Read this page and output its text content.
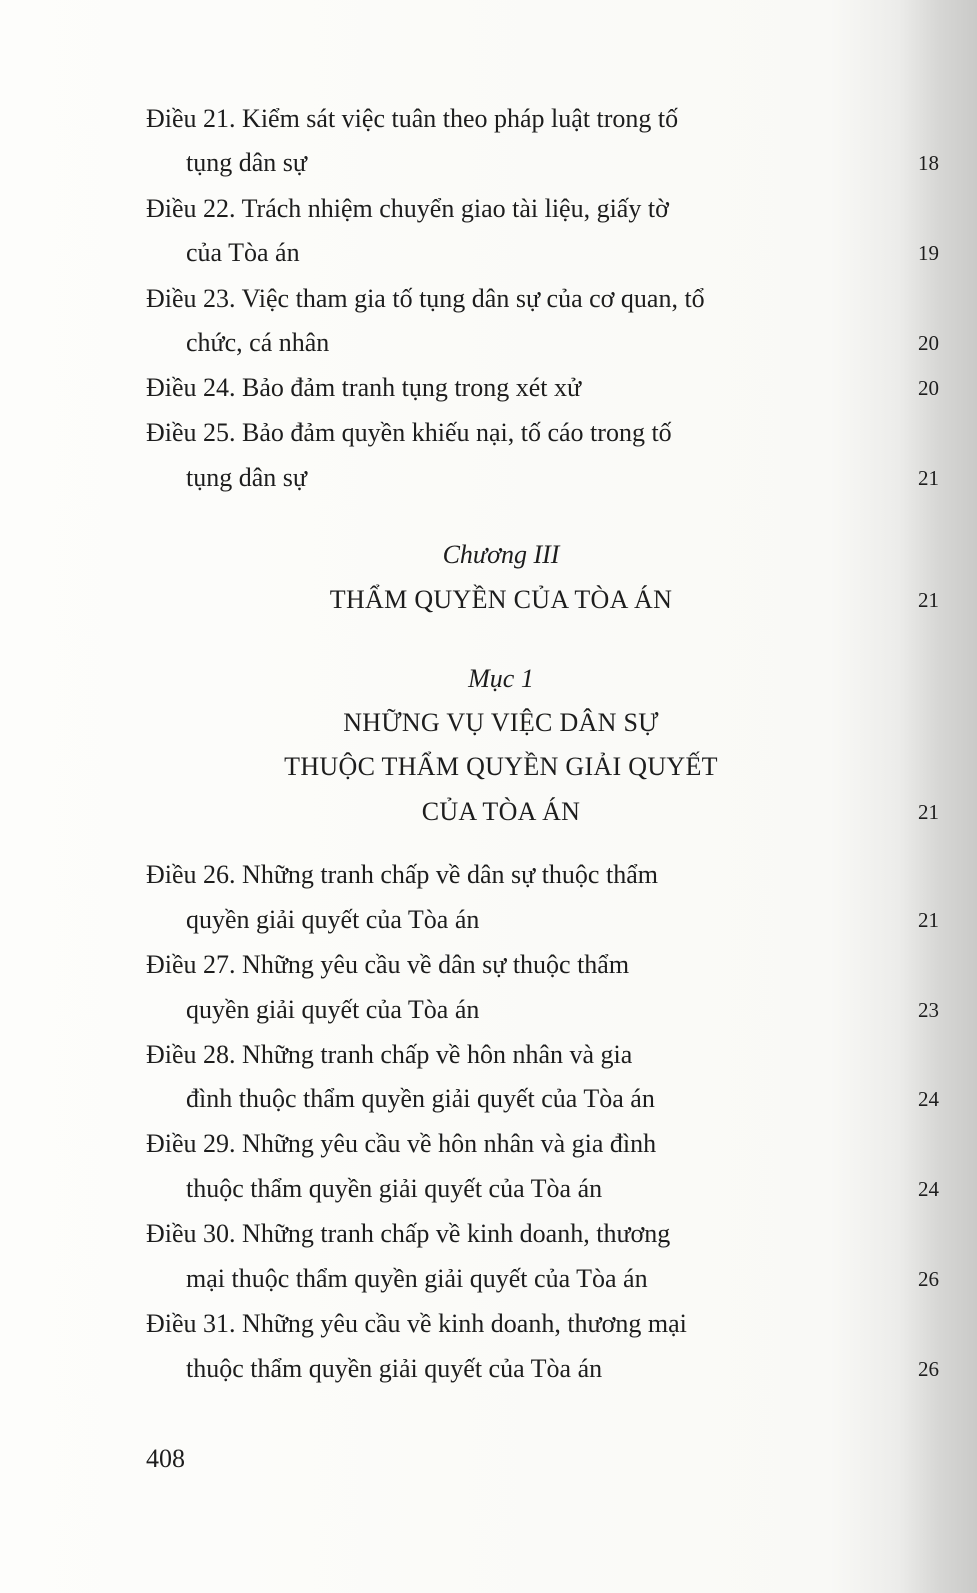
Điều 21. Kiểm sát việc tuân theo pháp luật trong tố
tụng dân sự	18
Điều 22. Trách nhiệm chuyển giao tài liệu, giấy tờ
của Tòa án	19
Điều 23. Việc tham gia tố tụng dân sự của cơ quan, tổ
chức, cá nhân	20
Điều 24. Bảo đảm tranh tụng trong xét xử	20
Điều 25. Bảo đảm quyền khiếu nại, tố cáo trong tố
tụng dân sự	21
Chương III
THẨM QUYỀN CỦA TÒA ÁN	21
Mục 1
NHỮNG VỤ VIỆC DÂN SỰ
THUỘC THẨM QUYỀN GIẢI QUYẾT
CỦA TÒA ÁN	21
Điều 26. Những tranh chấp về dân sự thuộc thẩm
quyền giải quyết của Tòa án	21
Điều 27. Những yêu cầu về dân sự thuộc thẩm
quyền giải quyết của Tòa án	23
Điều 28. Những tranh chấp về hôn nhân và gia
đình thuộc thẩm quyền giải quyết của Tòa án	24
Điều 29. Những yêu cầu về hôn nhân và gia đình
thuộc thẩm quyền giải quyết của Tòa án	24
Điều 30. Những tranh chấp về kinh doanh, thương
mại thuộc thẩm quyền giải quyết của Tòa án	26
Điều 31. Những yêu cầu về kinh doanh, thương mại
thuộc thẩm quyền giải quyết của Tòa án	26
408
